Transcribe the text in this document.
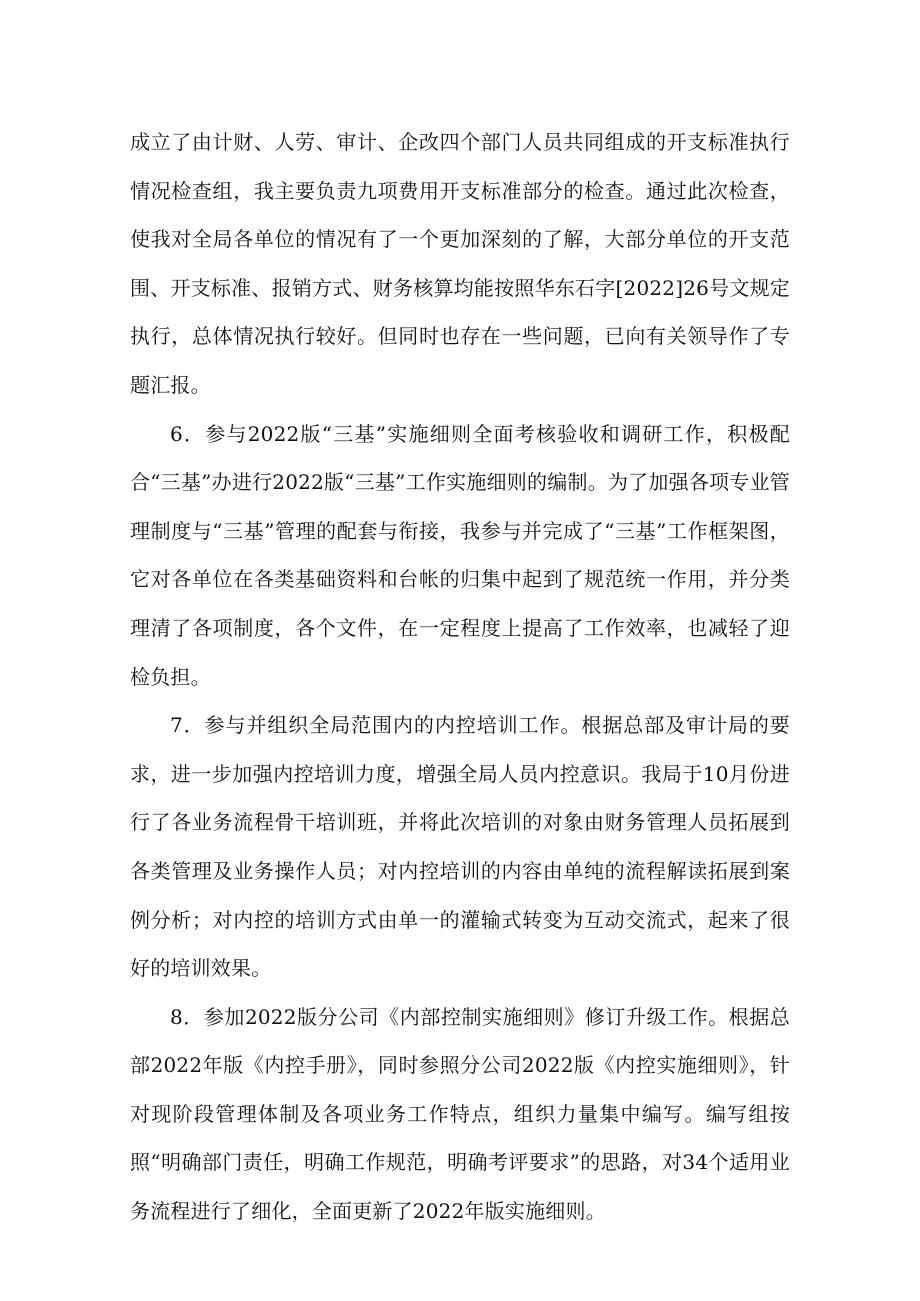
成立了由计财、人劳、审计、企改四个部门人员共同组成的开支标准执行情况检查组，我主要负责九项费用开支标准部分的检查。通过此次检查，使我对全局各单位的情况有了一个更加深刻的了解，大部分单位的开支范围、开支标准、报销方式、财务核算均能按照华东石字[2022]26号文规定执行，总体情况执行较好。但同时也存在一些问题，已向有关领导作了专题汇报。

6．参与2022版“三基”实施细则全面考核验收和调研工作，积极配合“三基”办进行2022版“三基”工作实施细则的编制。为了加强各项专业管理制度与“三基”管理的配套与衔接，我参与并完成了“三基”工作框架图，它对各单位在各类基础资料和台帐的归集中起到了规范统一作用，并分类理清了各项制度，各个文件，在一定程度上提高了工作效率，也减轻了迎检负担。

7．参与并组织全局范围内的内控培训工作。根据总部及审计局的要求，进一步加强内控培训力度，增强全局人员内控意识。我局于10月份进行了各业务流程骨干培训班，并将此次培训的对象由财务管理人员拓展到各类管理及业务操作人员；对内控培训的内容由单纯的流程解读拓展到案例分析；对内控的培训方式由单一的灌输式转变为互动交流式，起来了很好的培训效果。

8．参加2022版分公司《内部控制实施细则》修订升级工作。根据总部2022年版《内控手册》，同时参照分公司2022版《内控实施细则》，针对现阶段管理体制及各项业务工作特点，组织力量集中编写。编写组按照“明确部门责任，明确工作规范，明确考评要求”的思路，对34个适用业务流程进行了细化，全面更新了2022年版实施细则。
